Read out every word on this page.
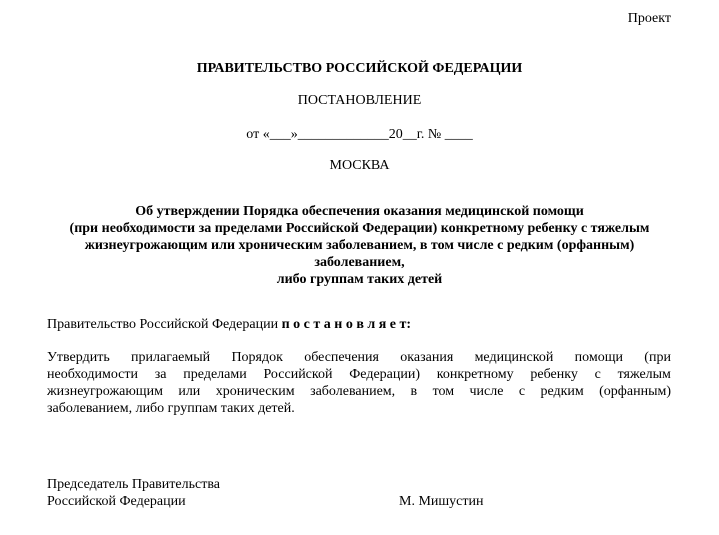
Проект
ПРАВИТЕЛЬСТВО РОССИЙСКОЙ ФЕДЕРАЦИИ
ПОСТАНОВЛЕНИЕ
от «___»_____________20__г. № ____
МОСКВА
Об утверждении Порядка обеспечения оказания медицинской помощи
(при необходимости за пределами Российской Федерации) конкретному ребенку с тяжелым
жизнеугрожающим или хроническим заболеванием, в том числе с редким (орфанным)
заболеванием,
либо группам таких детей
Правительство Российской Федерации п о с т а н о в л я е т:
Утвердить прилагаемый Порядок обеспечения оказания медицинской помощи (при
необходимости за пределами Российской Федерации) конкретному ребенку с тяжелым
жизнеугрожающим или хроническим заболеванием, в том числе с редким (орфанным)
заболеванием, либо группам таких детей.
Председатель Правительства
Российской Федерации	М. Мишустин
